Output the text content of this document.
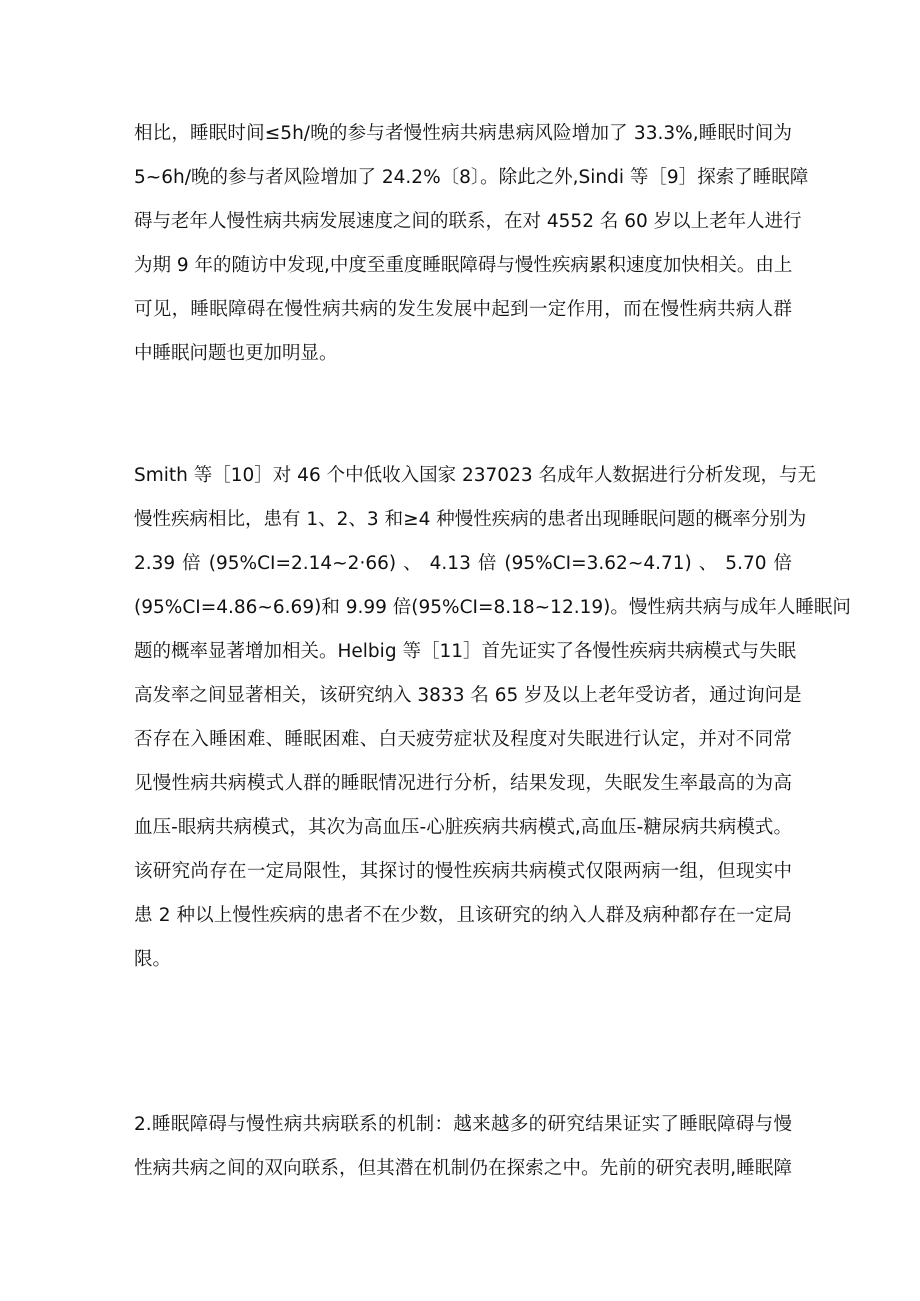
相比，睡眠时间≤5h/晚的参与者慢性病共病患病风险增加了 33.3%,睡眠时间为
5~6h/晚的参与者风险增加了 24.2%〔8〕。除此之外,Sindi 等［9］探索了睡眠障
碍与老年人慢性病共病发展速度之间的联系，在对 4552 名 60 岁以上老年人进行
为期 9 年的随访中发现,中度至重度睡眠障碍与慢性疾病累积速度加快相关。由上
可见，睡眠障碍在慢性病共病的发生发展中起到一定作用，而在慢性病共病人群
中睡眠问题也更加明显。
Smith 等［10］对 46 个中低收入国家 237023 名成年人数据进行分析发现，与无
慢性疾病相比，患有 1、2、3 和≥4 种慢性疾病的患者出现睡眠问题的概率分别为
2.39 倍 (95%CI=2.14~2·66) 、 4.13 倍 (95%CI=3.62~4.71) 、 5.70 倍
(95%CI=4.86~6.69)和 9.99 倍(95%CI=8.18~12.19)。慢性病共病与成年人睡眠问
题的概率显著增加相关。Helbig 等［11］首先证实了各慢性疾病共病模式与失眠
高发率之间显著相关，该研究纳入 3833 名 65 岁及以上老年受访者，通过询问是
否存在入睡困难、睡眠困难、白天疲劳症状及程度对失眠进行认定，并对不同常
见慢性病共病模式人群的睡眠情况进行分析，结果发现，失眠发生率最高的为高
血压-眼病共病模式，其次为高血压-心脏疾病共病模式,高血压-糖尿病共病模式。
该研究尚存在一定局限性，其探讨的慢性疾病共病模式仅限两病一组，但现实中
患 2 种以上慢性疾病的患者不在少数，且该研究的纳入人群及病种都存在一定局
限。
2.睡眠障碍与慢性病共病联系的机制：越来越多的研究结果证实了睡眠障碍与慢
性病共病之间的双向联系，但其潜在机制仍在探索之中。先前的研究表明,睡眠障
